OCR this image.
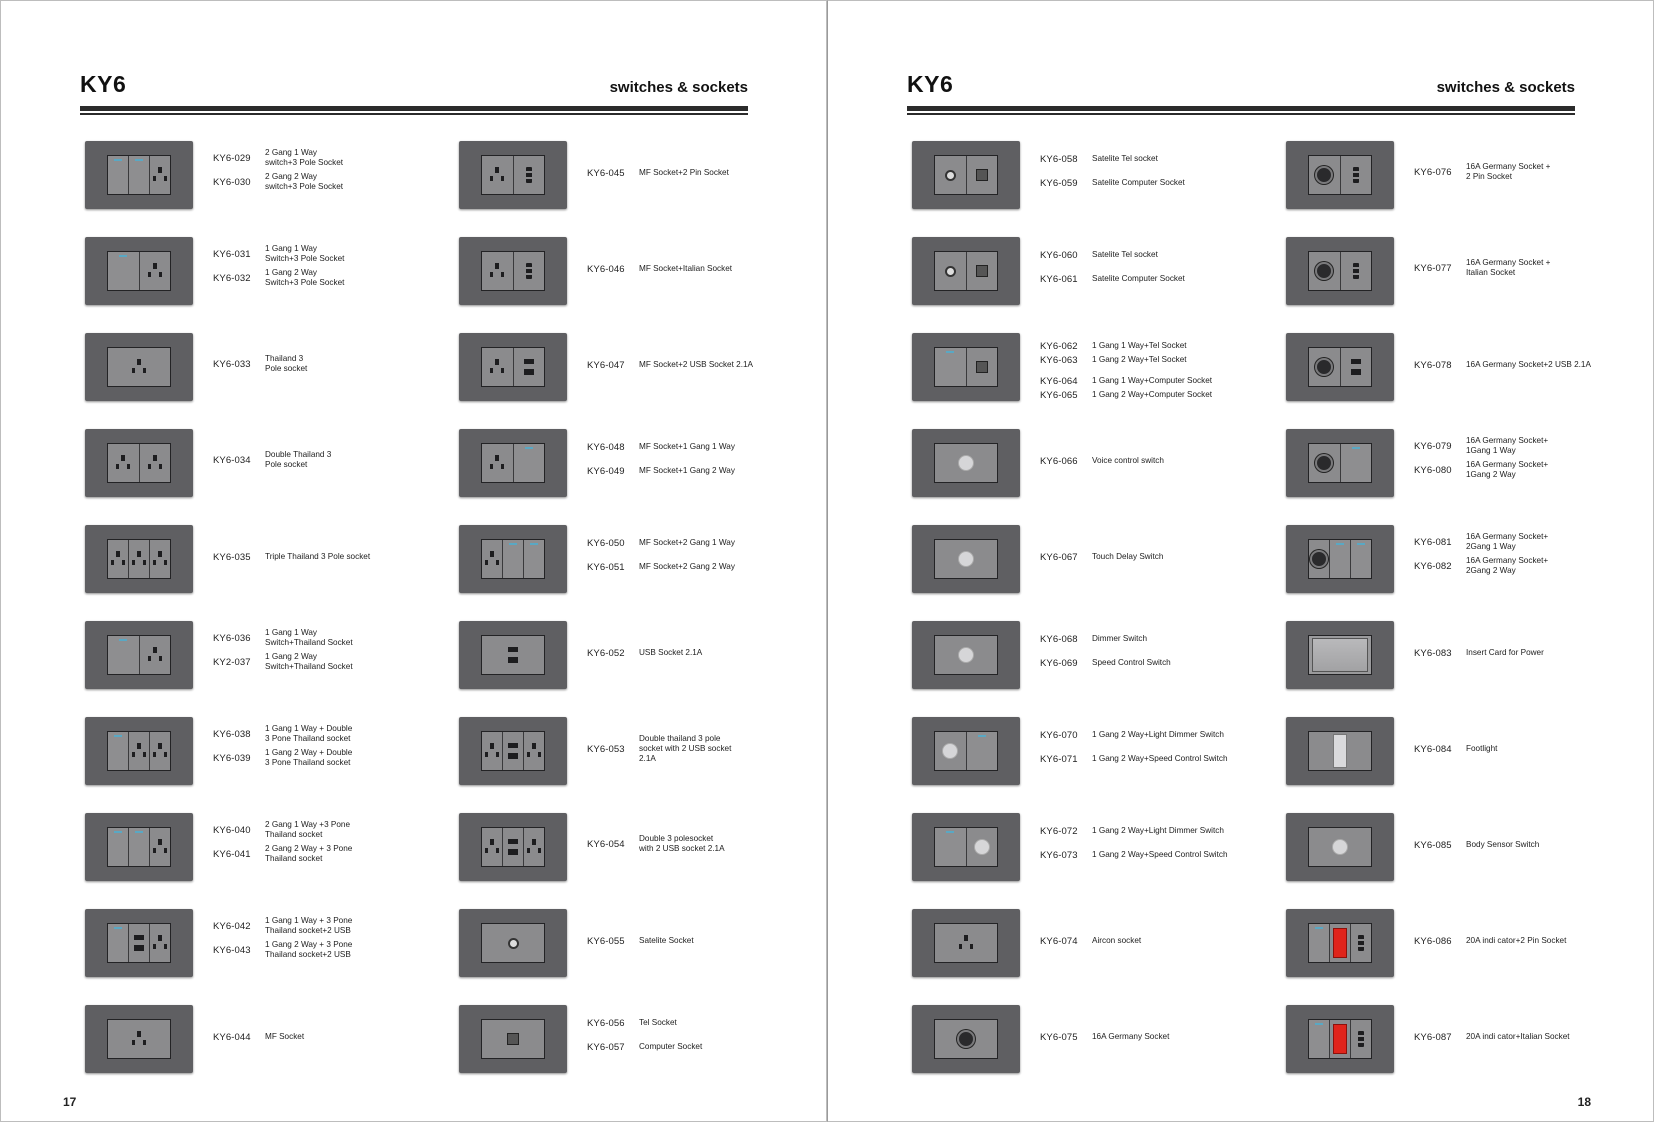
KY6	switches & sockets
KY6-029
2 Gang 1 Way
switch+3 Pole Socket
KY6-030
2 Gang 2 Way
switch+3 Pole Socket
KY6-045	MF Socket+2 Pin Socket
KY6-031
1 Gang 1 Way
Switch+3 Pole Socket
KY6-032
1 Gang 2 Way
Switch+3 Pole Socket
KY6-046	MF Socket+Italian Socket
KY6-033
Thailand 3
Pole socket	KY6-047	MF Socket+2 USB Socket 2.1A
KY6-034
Double Thailand 3
Pole socket
KY6-048	MF Socket+1 Gang 1 Way
KY6-049	MF Socket+1 Gang 2 Way
KY6-035	Triple Thailand 3 Pole socket
KY6-050	MF Socket+2 Gang 1 Way
KY6-051	MF Socket+2 Gang 2 Way
KY6-036
1 Gang 1 Way
Switch+Thailand Socket
KY2-037
1 Gang 2 Way
Switch+Thailand Socket
KY6-052	USB Socket 2.1A
KY6-038
1 Gang 1 Way + Double
3 Pone Thailand socket
KY6-039
1 Gang 2 Way + Double
3 Pone Thailand socket
KY6-053
Double thailand 3 pole
socket with 2 USB socket
2.1A
KY6-040
2 Gang 1 Way +3 Pone
Thailand socket
KY6-041
2 Gang 2 Way + 3 Pone
Thailand socket
KY6-054
Double 3 polesocket
with 2 USB socket 2.1A
KY6-042
1 Gang 1 Way + 3 Pone
Thailand socket+2 USB
KY6-043
1 Gang 2 Way + 3 Pone
Thailand socket+2 USB
KY6-055	Satelite Socket
KY6-044	MF Socket
KY6-056	Tel Socket
KY6-057	Computer Socket
17
KY6	switches & sockets
KY6-058	Satelite Tel socket
KY6-059	Satelite Computer Socket
KY6-076
16A Germany Socket +
2 Pin Socket
KY6-060	Satelite Tel socket
KY6-061	Satelite Computer Socket
KY6-077
16A Germany Socket +
Italian Socket
KY6-062	1 Gang 1 Way+Tel Socket
KY6-063	1 Gang 2 Way+Tel Socket
KY6-064	1 Gang 1 Way+Computer Socket
KY6-065	1 Gang 2 Way+Computer Socket
KY6-078	16A Germany Socket+2 USB 2.1A
KY6-066	Voice control switch
KY6-079
16A Germany Socket+
1Gang 1 Way
KY6-080
16A Germany Socket+
1Gang 2 Way
KY6-067	Touch Delay Switch
KY6-081
16A Germany Socket+
2Gang 1 Way
KY6-082
16A Germany Socket+
2Gang 2 Way
KY6-068	Dimmer Switch
KY6-069	Speed Control Switch
KY6-083	Insert Card for Power
KY6-070	1 Gang 2 Way+Light Dimmer Switch
KY6-071	1 Gang 2 Way+Speed Control Switch
KY6-084	Footlight
KY6-072	1 Gang 2 Way+Light Dimmer Switch
KY6-073	1 Gang 2 Way+Speed Control Switch
KY6-085	Body Sensor Switch
KY6-074	Aircon socket	KY6-086	20A indi cator+2 Pin Socket
KY6-075	16A Germany Socket	KY6-087	20A indi cator+Italian Socket
18
